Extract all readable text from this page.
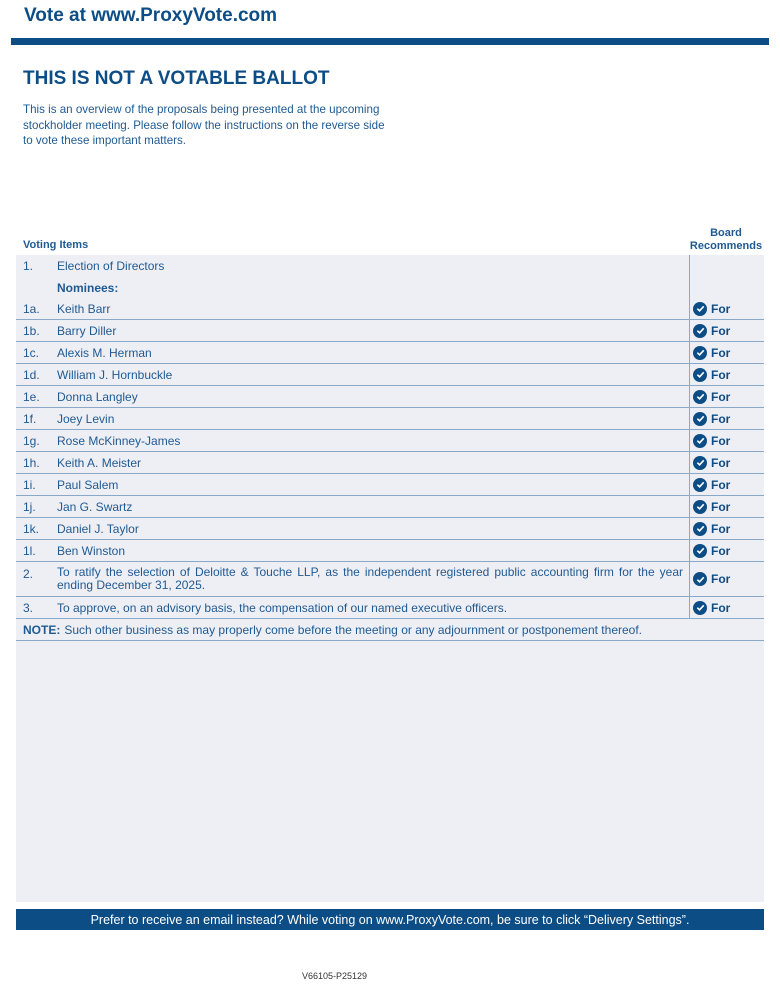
Vote at www.ProxyVote.com
THIS IS NOT A VOTABLE BALLOT
This is an overview of the proposals being presented at the upcoming stockholder meeting. Please follow the instructions on the reverse side to vote these important matters.
Board
Recommends
Voting Items
1.	Election of Directors
Nominees:
1a.	Keith Barr	For
1b.	Barry Diller	For
1c.	Alexis M. Herman	For
1d.	William J. Hornbuckle	For
1e.	Donna Langley	For
1f.	Joey Levin	For
1g.	Rose McKinney-James	For
1h.	Keith A. Meister	For
1i.	Paul Salem	For
1j.	Jan G. Swartz	For
1k.	Daniel J. Taylor	For
1l.	Ben Winston	For
2.	To ratify the selection of Deloitte & Touche LLP, as the independent registered public accounting firm for the year ending December 31, 2025.	For
3.	To approve, on an advisory basis, the compensation of our named executive officers.	For
NOTE: Such other business as may properly come before the meeting or any adjournment or postponement thereof.
Prefer to receive an email instead? While voting on www.ProxyVote.com, be sure to click “Delivery Settings”.
V66105-P25129
